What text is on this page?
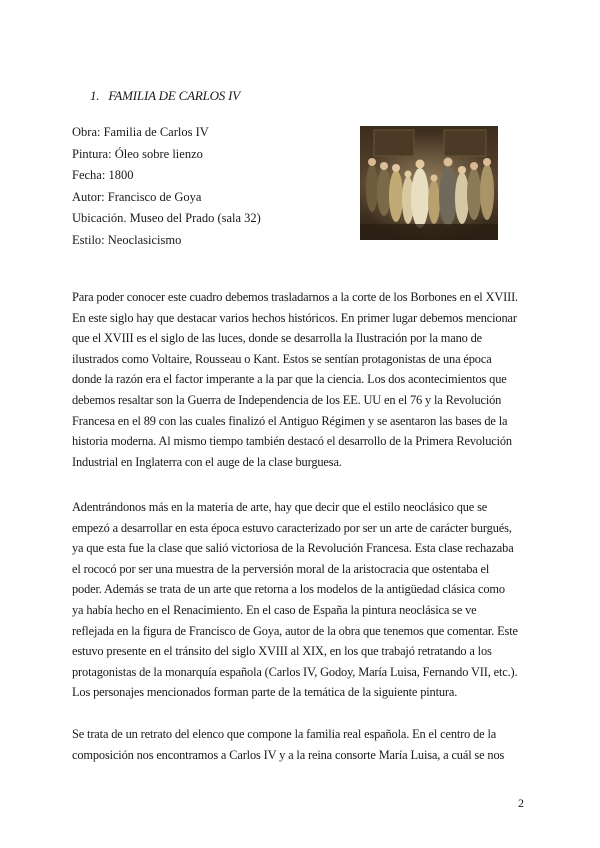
1. FAMILIA DE CARLOS IV
Obra: Familia de Carlos IV
Pintura: Óleo sobre lienzo
Fecha: 1800
Autor: Francisco de Goya
Ubicación. Museo del Prado (sala 32)
Estilo: Neoclasicismo
Para poder conocer este cuadro debemos trasladarnos a la corte de los Borbones en el XVIII.
En este siglo hay que destacar varios hechos históricos. En primer lugar debemos mencionar
que el XVIII es el siglo de las luces, donde se desarrolla la Ilustración por la mano de
ilustrados como Voltaire, Rousseau o Kant. Estos se sentían protagonistas de una época
donde la razón era el factor imperante a la par que la ciencia. Los dos acontecimientos que
debemos resaltar son la Guerra de Independencia de los EE. UU en el 76 y la Revolución
Francesa en el 89 con las cuales finalizó el Antiguo Régimen y se asentaron las bases de la
historia moderna. Al mismo tiempo también destacó el desarrollo de la Primera Revolución
Industrial en Inglaterra con el auge de la clase burguesa.
Adentrándonos más en la materia de arte, hay que decir que el estilo neoclásico que se
empezó a desarrollar en esta época estuvo caracterizado por ser un arte de carácter burgués,
ya que esta fue la clase que salió victoriosa de la Revolución Francesa. Esta clase rechazaba
el rococó por ser una muestra de la perversión moral de la aristocracia que ostentaba el
poder. Además se trata de un arte que retorna a los modelos de la antigüedad clásica como
ya había hecho en el Renacimiento. En el caso de España la pintura neoclásica se ve
reflejada en la figura de Francisco de Goya, autor de la obra que tenemos que comentar. Este
estuvo presente en el tránsito del siglo XVIII al XIX, en los que trabajó retratando a los
protagonistas de la monarquía española (Carlos IV, Godoy, María Luisa, Fernando VII, etc.).
Los personajes mencionados forman parte de la temática de la siguiente pintura.
Se trata de un retrato del elenco que compone la familia real española. En el centro de la
composición nos encontramos a Carlos IV y a la reina consorte María Luisa, a cuál se nos
2
